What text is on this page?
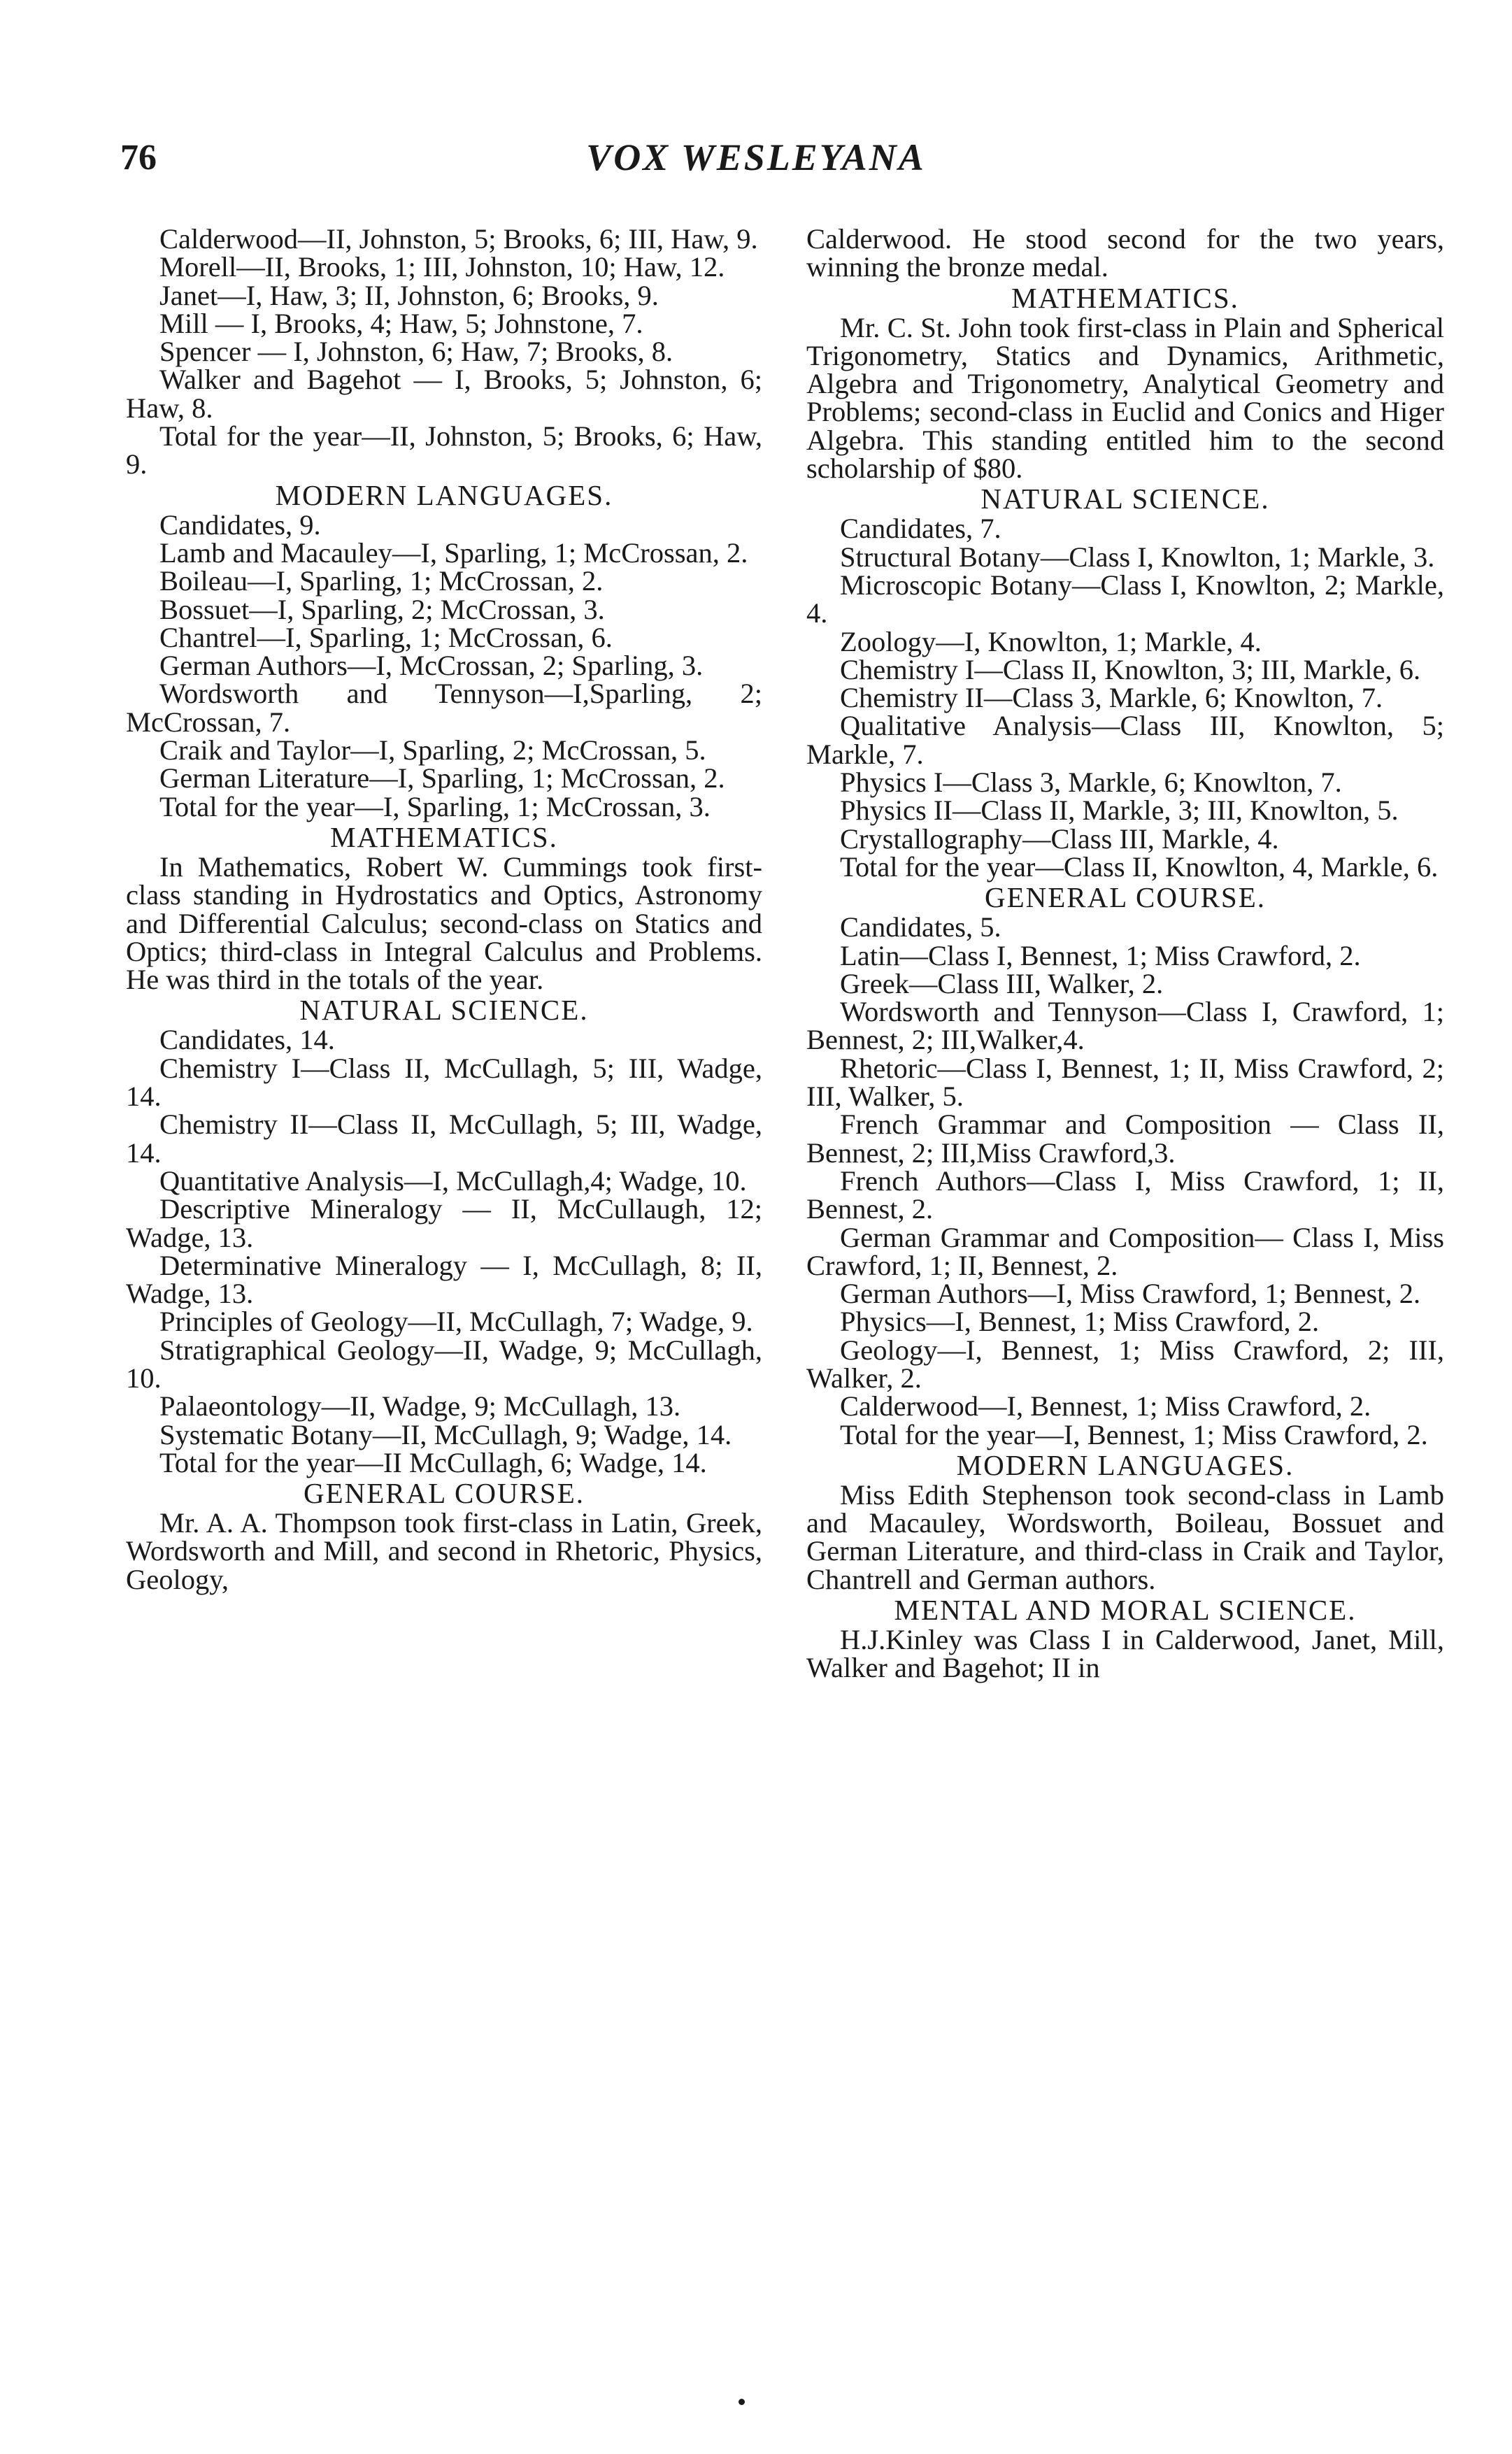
76	VOX WESLEYANA

Calderwood—II, Johnston, 5; Brooks, 6; III, Haw, 9.

Morell—II, Brooks, 1; III, Johnston, 10; Haw, 12.

Janet—I, Haw, 3; II, Johnston, 6; Brooks, 9.

Mill — I, Brooks, 4; Haw, 5; Johnstone, 7.

Spencer — I, Johnston, 6; Haw, 7; Brooks, 8.

Walker and Bagehot — I, Brooks, 5; Johnston, 6; Haw, 8.

Total for the year—II, Johnston, 5; Brooks, 6; Haw, 9.

MODERN LANGUAGES.

Candidates, 9.

Lamb and Macauley—I, Sparling, 1; McCrossan, 2.

Boileau—I, Sparling, 1; McCrossan, 2.

Bossuet—I, Sparling, 2; McCrossan, 3.

Chantrel—I, Sparling, 1; McCrossan, 6.

German Authors—I, McCrossan, 2; Sparling, 3.

Wordsworth and Tennyson—I,Sparling, 2; McCrossan, 7.

Craik and Taylor—I, Sparling, 2; McCrossan, 5.

German Literature—I, Sparling, 1; McCrossan, 2.

Total for the year—I, Sparling, 1; McCrossan, 3.

MATHEMATICS.

In Mathematics, Robert W. Cummings took first-class standing in Hydrostatics and Optics, Astronomy and Differential Calculus; second-class on Statics and Optics; third-class in Integral Calculus and Problems. He was third in the totals of the year.

NATURAL SCIENCE.

Candidates, 14.

Chemistry I—Class II, McCullagh, 5; III, Wadge, 14.

Chemistry II—Class II, McCullagh, 5; III, Wadge, 14.

Quantitative Analysis—I, McCullagh,4; Wadge, 10.

Descriptive Mineralogy — II, McCullaugh, 12; Wadge, 13.

Determinative Mineralogy — I, McCullagh, 8; II, Wadge, 13.

Principles of Geology—II, McCullagh, 7; Wadge, 9.

Stratigraphical Geology—II, Wadge, 9; McCullagh, 10.

Palaeontology—II, Wadge, 9; McCullagh, 13.

Systematic Botany—II, McCullagh, 9; Wadge, 14.

Total for the year—II McCullagh, 6; Wadge, 14.

GENERAL COURSE.

Mr. A. A. Thompson took first-class in Latin, Greek, Wordsworth and Mill, and second in Rhetoric, Physics, Geology,

Calderwood. He stood second for the two years, winning the bronze medal.

MATHEMATICS.

Mr. C. St. John took first-class in Plain and Spherical Trigonometry, Statics and Dynamics, Arithmetic, Algebra and Trigonometry, Analytical Geometry and Problems; second-class in Euclid and Conics and Higer Algebra. This standing entitled him to the second scholarship of $80.

NATURAL SCIENCE.

Candidates, 7.

Structural Botany—Class I, Knowlton, 1; Markle, 3.

Microscopic Botany—Class I, Knowlton, 2; Markle, 4.

Zoology—I, Knowlton, 1; Markle, 4.

Chemistry I—Class II, Knowlton, 3; III, Markle, 6.

Chemistry II—Class 3, Markle, 6; Knowlton, 7.

Qualitative Analysis—Class III, Knowlton, 5; Markle, 7.

Physics I—Class 3, Markle, 6; Knowlton, 7.

Physics II—Class II, Markle, 3; III, Knowlton, 5.

Crystallography—Class III, Markle, 4.

Total for the year—Class II, Knowlton, 4, Markle, 6.

GENERAL COURSE.

Candidates, 5.

Latin—Class I, Bennest, 1; Miss Crawford, 2.

Greek—Class III, Walker, 2.

Wordsworth and Tennyson—Class I, Crawford, 1; Bennest, 2; III,Walker,4.

Rhetoric—Class I, Bennest, 1; II, Miss Crawford, 2; III, Walker, 5.

French Grammar and Composition — Class II, Bennest, 2; III,Miss Crawford,3.

French Authors—Class I, Miss Crawford, 1; II, Bennest, 2.

German Grammar and Composition— Class I, Miss Crawford, 1; II, Bennest, 2.

German Authors—I, Miss Crawford, 1; Bennest, 2.

Physics—I, Bennest, 1; Miss Crawford, 2.

Geology—I, Bennest, 1; Miss Crawford, 2; III, Walker, 2.

Calderwood—I, Bennest, 1; Miss Crawford, 2.

Total for the year—I, Bennest, 1; Miss Crawford, 2.

MODERN LANGUAGES.

Miss Edith Stephenson took second-class in Lamb and Macauley, Wordsworth, Boileau, Bossuet and German Literature, and third-class in Craik and Taylor, Chantrell and German authors.

MENTAL AND MORAL SCIENCE.

H.J.Kinley was Class I in Calderwood, Janet, Mill, Walker and Bagehot; II in
